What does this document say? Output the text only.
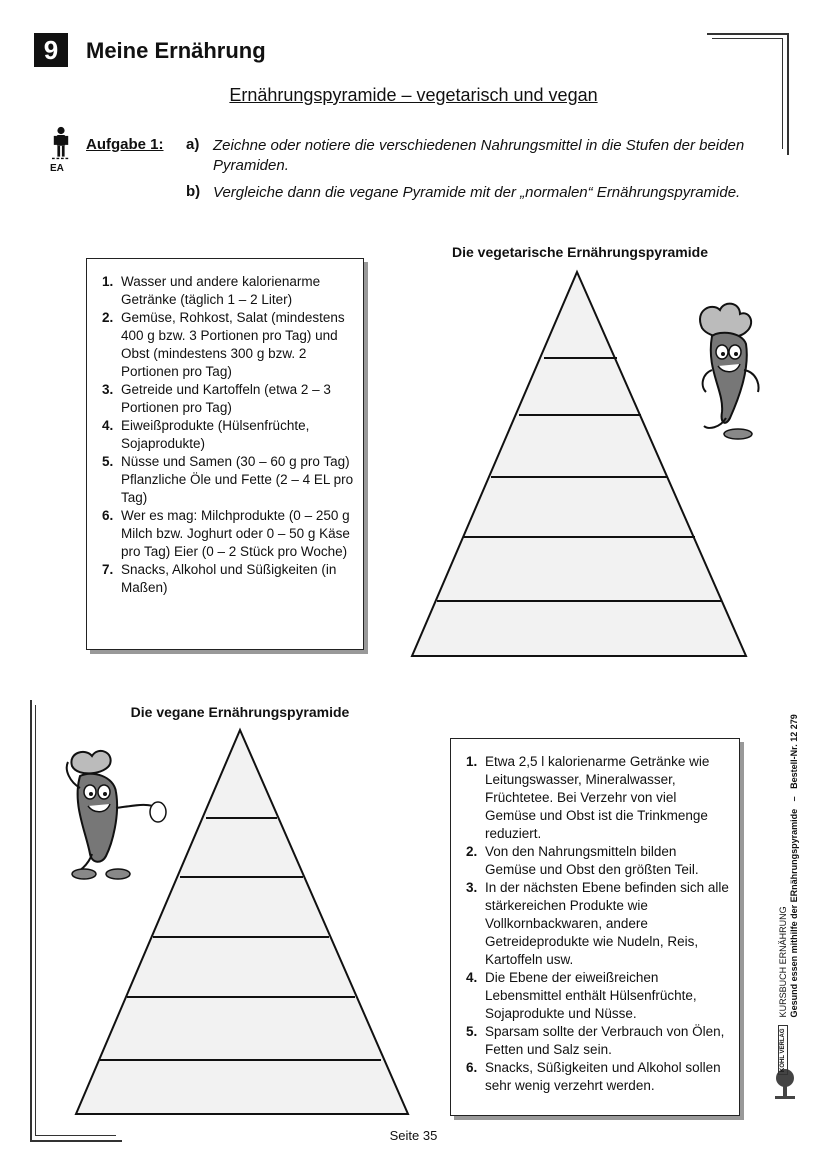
9	Meine Ernährung
Ernährungspyramide – vegetarisch und vegan
EA
Aufgabe 1: a) Zeichne oder notiere die verschiedenen Nahrungsmittel in die Stufen der beiden Pyramiden.
b) Vergleiche dann die vegane Pyramide mit der „normalen“ Ernährungspyramide.
Die vegetarische Ernährungspyramide
1. Wasser und andere kalorienarme Getränke (täglich 1 – 2 Liter)
2. Gemüse, Rohkost, Salat (mindestens 400 g bzw. 3 Portionen pro Tag) und Obst (mindestens 300 g bzw. 2 Portionen pro Tag)
3. Getreide und Kartoffeln (etwa 2 – 3 Portionen pro Tag)
4. Eiweißprodukte (Hülsenfrüchte, Sojaprodukte)
5. Nüsse und Samen (30 – 60 g pro Tag) Pflanzliche Öle und Fette (2 – 4 EL pro Tag)
6. Wer es mag: Milchprodukte (0 – 250 g Milch bzw. Joghurt oder 0 – 50 g Käse pro Tag) Eier (0 – 2 Stück pro Woche)
7. Snacks, Alkohol und Süßigkeiten (in Maßen)
Die vegane Ernährungspyramide
1. Etwa 2,5 l kalorienarme Getränke wie Leitungswasser, Mineralwasser, Früchtetee. Bei Verzehr von viel Gemüse und Obst ist die Trinkmenge reduziert.
2. Von den Nahrungsmitteln bilden Gemüse und Obst den größten Teil.
3. In der nächsten Ebene befinden sich alle stärkereichen Produkte wie Vollkornbackwaren, andere Getreideprodukte wie Nudeln, Reis, Kartoffeln usw.
4. Die Ebene der eiweißreichen Lebensmittel enthält Hülsenfrüchte, Sojaprodukte und Nüsse.
5. Sparsam sollte der Verbrauch von Ölen, Fetten und Salz sein.
6. Snacks, Süßigkeiten und Alkohol sollen sehr wenig verzehrt werden.
KOHL VERLAG
KURSBUCH ERNÄHRUNG Gesund essen mithilfe der ERnährungspyramide   –   Bestell-Nr. 12 279
Seite 35
